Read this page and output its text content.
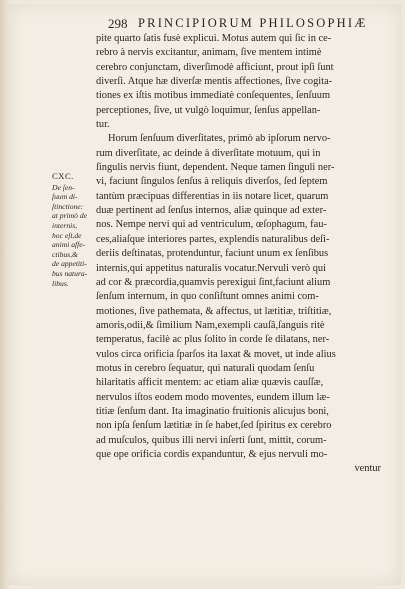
298 PRINCIPIORUM PHILOSOPHIÆ
CXC.
De ſen-
ſuum di-
ſtinctione:
at primò de
internis,
hoc eſt,de
animi affe-
ctibus,&
de appetiti-
bus natura-
libus.
pite quarto ſatis fusè explicui. Motus autem qui ſic in ce-
rebro à nervis excitantur, animam, ſive mentem intimè
cerebro conjunctam, diverſimodè afficiunt, prout ipſi ſunt
diverſi. Atque hæ diverſæ mentis affectiones, ſive cogita-
tiones ex iſtis motibus immediatè conſequentes, ſenſuum
perceptiones, ſive, ut vulgò loquimur, ſenſus appellan-
tur.
Horum ſenſuum diverſitates, primò ab ipſorum nervo-
rum diverſitate, ac deinde à diverſitate motuum, qui in
ſingulis nervis fiunt, dependent. Neque tamen ſinguli ner-
vi, faciunt ſingulos ſenſus à reliquis diverſos, ſed ſeptem
tantùm præcipuas differentias in iis notare licet, quarum
duæ pertinent ad ſenſus internos, aliæ quinque ad exter-
nos. Nempe nervi qui ad ventriculum, œſophagum, fau-
ces,aliaſque interiores partes, explendis naturalibus deſi-
deriis deſtinatas, protenduntur, faciunt unum ex ſenſibus
internis,qui appetitus naturalis vocatur.Nervuli verò qui
ad cor & præcordia,quamvis perexigui ſint,faciunt alium
ſenſum internum, in quo conſiſtunt omnes animi com-
motiones, ſive pathemata, & affectus, ut lætitiæ, triſtitiæ,
amoris,odii,& ſimilium Nam,exempli cauſâ,ſanguis ritè
temperatus, facilè ac plus ſolito in corde ſe dilatans, ner-
vulos circa orificia ſparſos ita laxat & movet, ut inde alius
motus in cerebro ſequatur, qui naturali quodam ſenſu
hilaritatis afficit mentem: ac etiam aliæ quævis cauſſæ,
nervulos iſtos eodem modo moventes, eundem illum læ-
titiæ ſenſum dant. Ita imaginatio fruitionis alicujus boni,
non ipſa ſenſum lætitiæ in ſe habet,ſed ſpiritus ex cerebro
ad muſculos, quibus illi nervi inſerti ſunt, mittit, corum-
que ope orificia cordis expanduntur, & ejus nervuli mo-
ventur
